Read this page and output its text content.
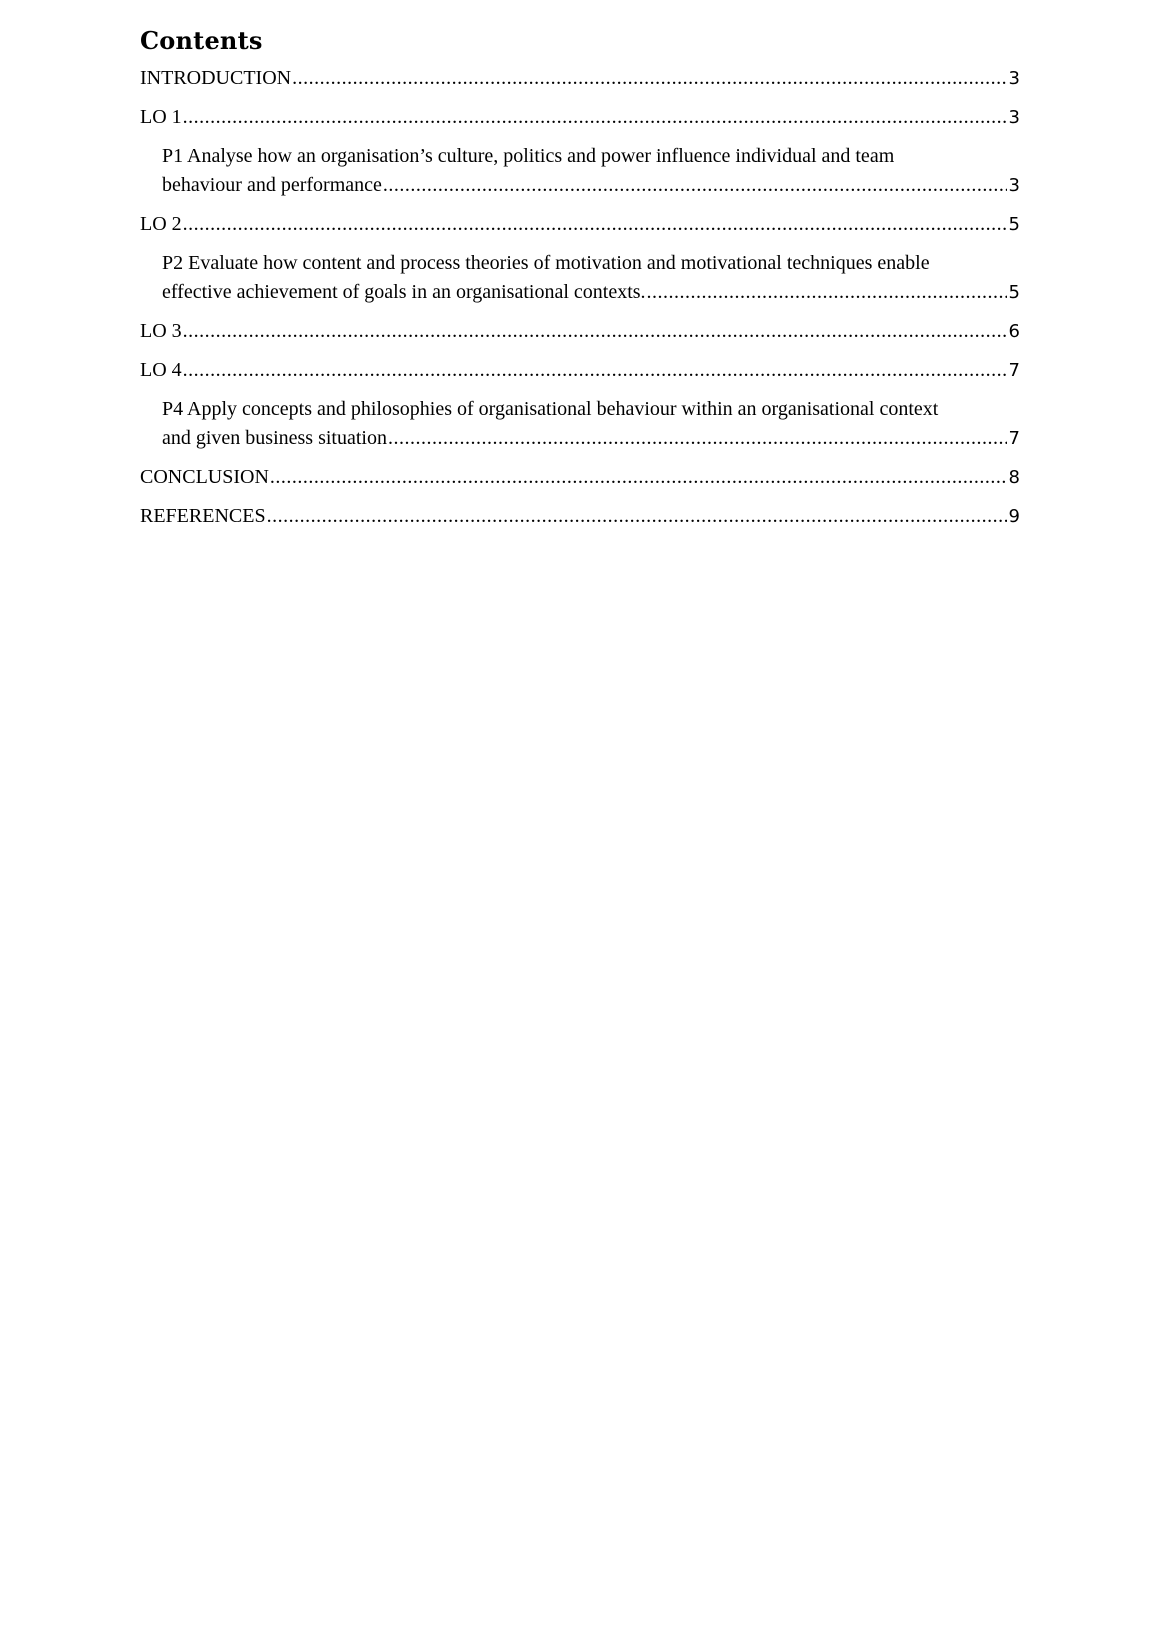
Contents
INTRODUCTION .....	3
LO 1 .....	3
P1 Analyse how an organisation’s culture, politics and power influence individual and team
behaviour and performance .....	3
LO 2 .....	5
P2 Evaluate how content and process theories of motivation and motivational techniques enable
effective achievement of goals in an organisational contexts. .....	5
LO 3 .....	6
LO 4 .....	7
P4 Apply concepts and philosophies of organisational behaviour within an organisational context
and given business situation .....	7
CONCLUSION .....	8
REFERENCES .....	9
